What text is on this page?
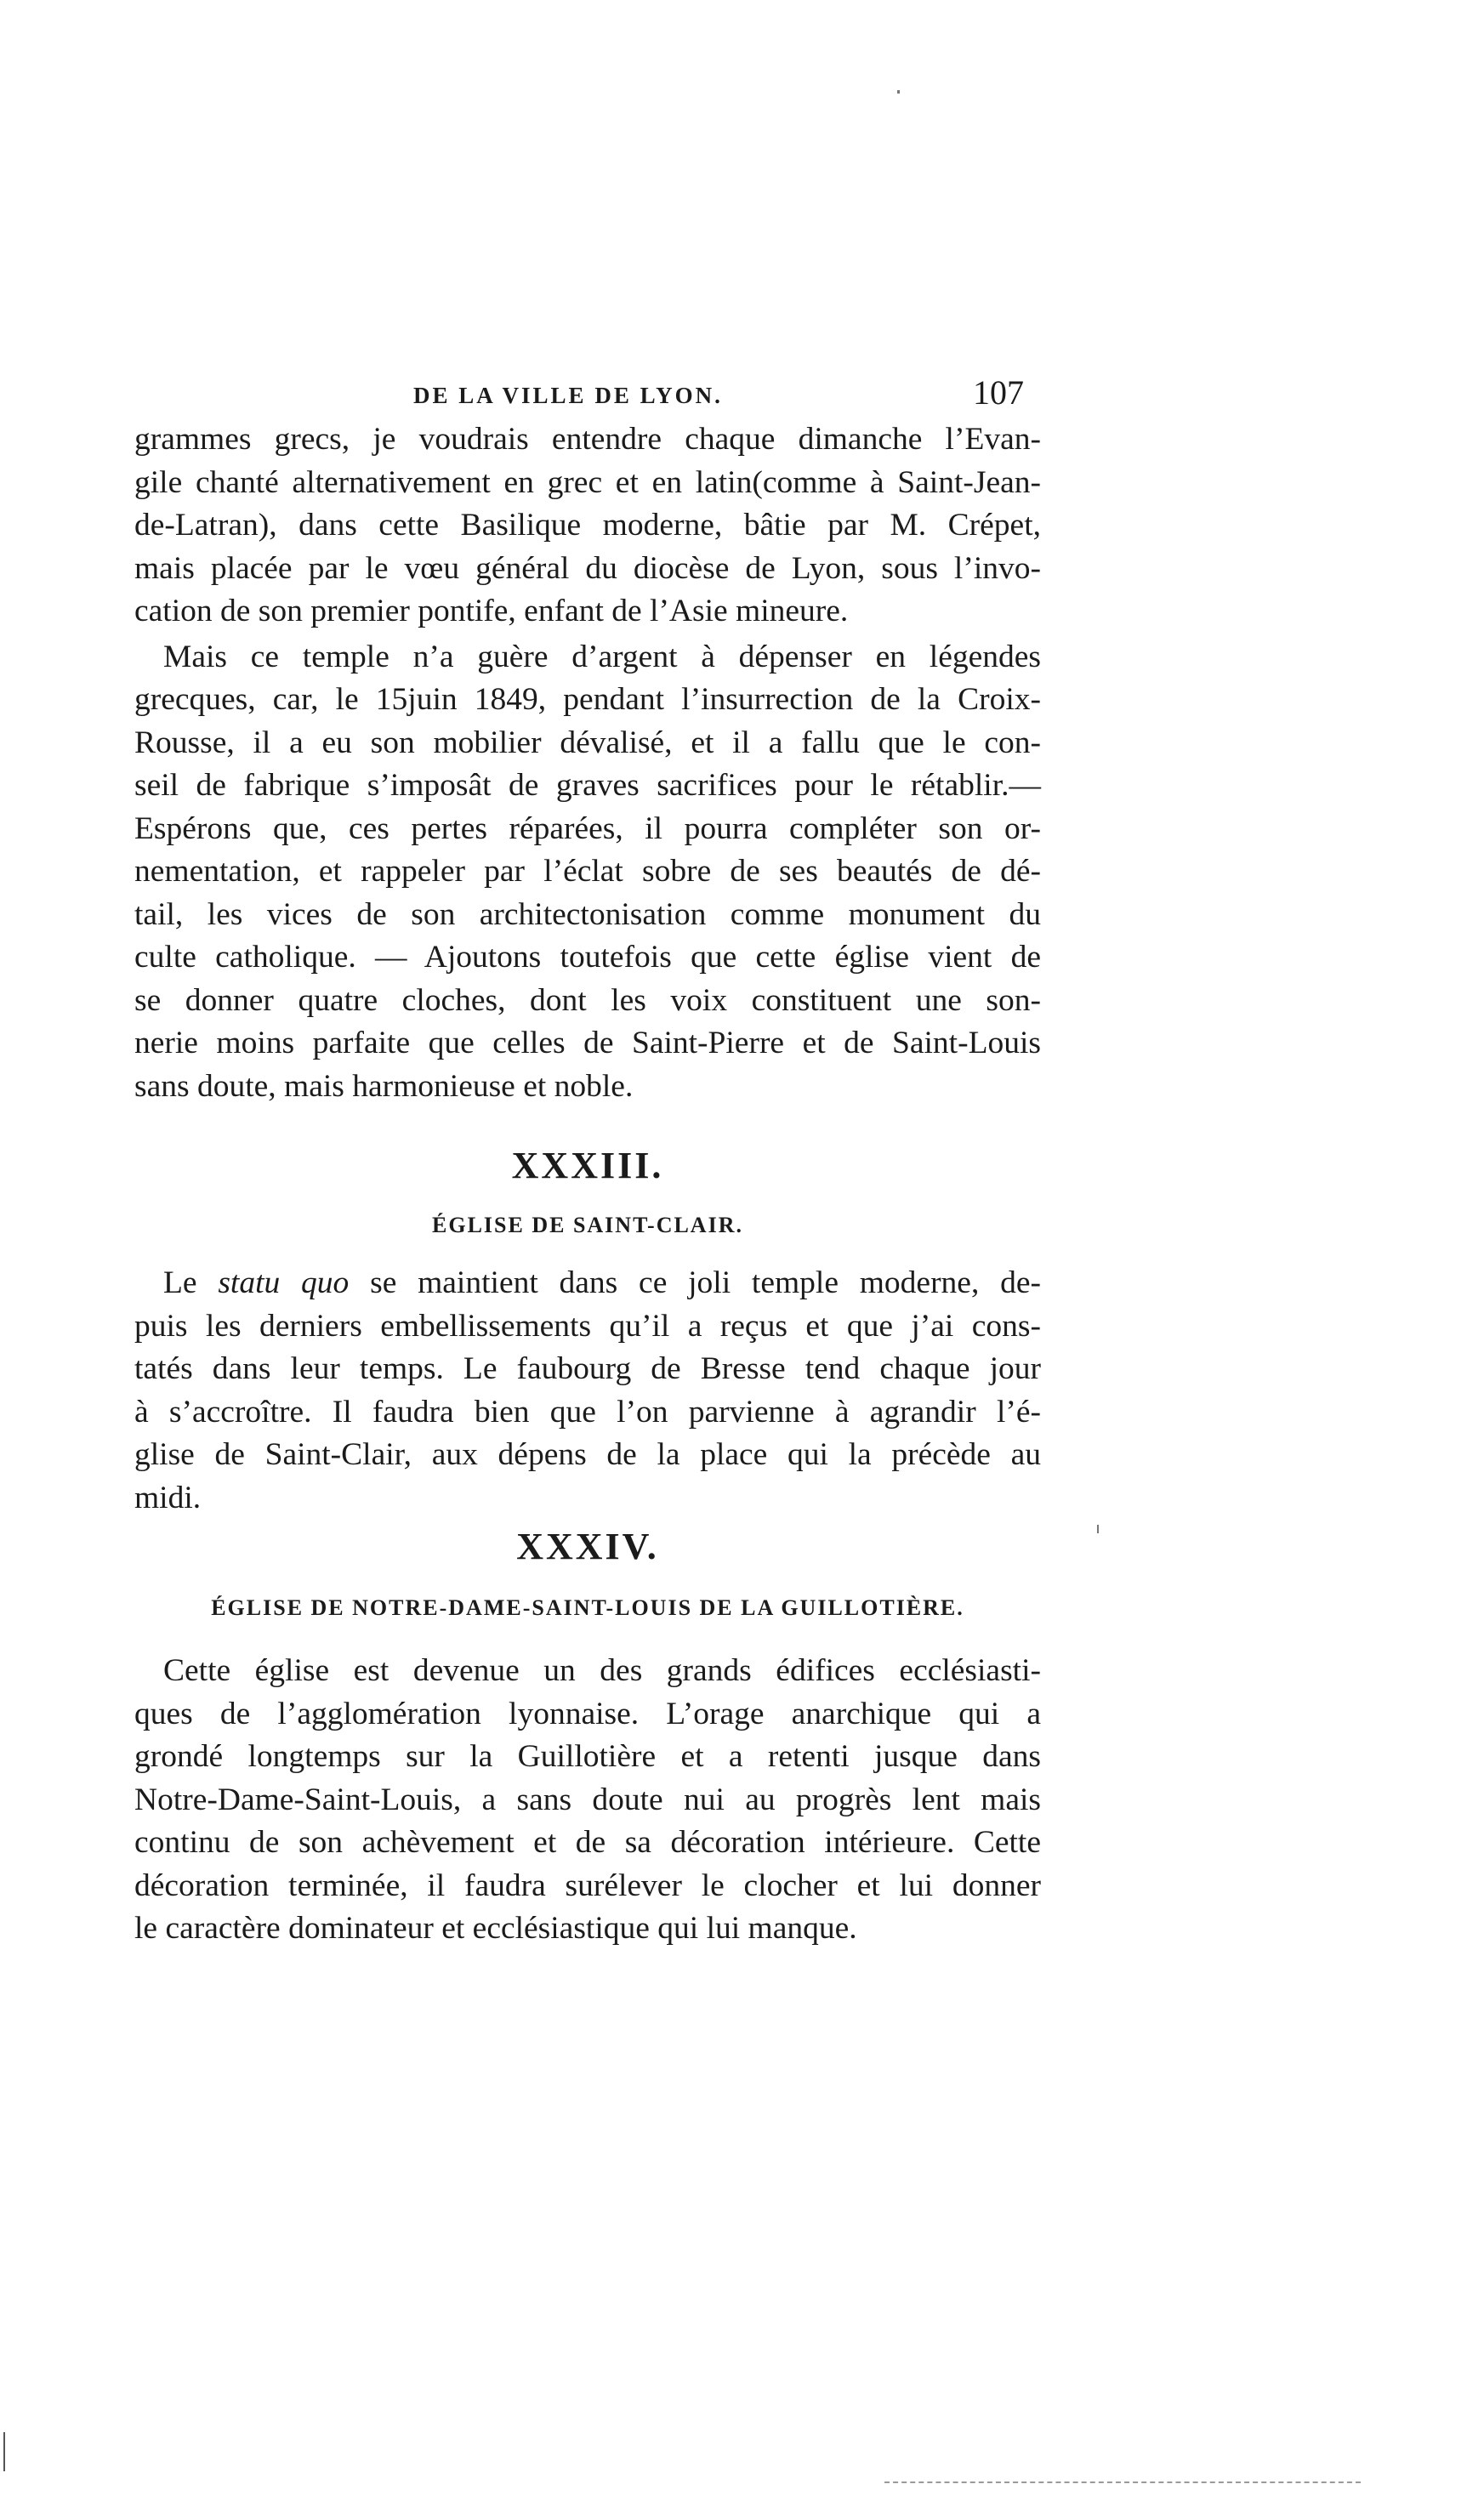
DE LA VILLE DE LYON.	107

grammes grecs, je voudrais entendre chaque dimanche l’Evan-
gile chanté alternativement en grec et en latin(comme à Saint-Jean-
de-Latran), dans cette Basilique moderne, bâtie par M. Crépet,
mais placée par le vœu général du diocèse de Lyon, sous l’invo-
cation de son premier pontife, enfant de l’Asie mineure.

Mais ce temple n’a guère d’argent à dépenser en légendes
grecques, car, le 15juin 1849, pendant l’insurrection de la Croix-
Rousse, il a eu son mobilier dévalisé, et il a fallu que le con-
seil de fabrique s’imposât de graves sacrifices pour le rétablir.—
Espérons que, ces pertes réparées, il pourra compléter son or-
nementation, et rappeler par l’éclat sobre de ses beautés de dé-
tail, les vices de son architectonisation comme monument du
culte catholique. — Ajoutons toutefois que cette église vient de
se donner quatre cloches, dont les voix constituent une son-
nerie moins parfaite que celles de Saint-Pierre et de Saint-Louis
sans doute, mais harmonieuse et noble.

XXXIII.
ÉGLISE DE SAINT-CLAIR.

Le statu quo se maintient dans ce joli temple moderne, de-
puis les derniers embellissements qu’il a reçus et que j’ai cons-
tatés dans leur temps. Le faubourg de Bresse tend chaque jour
à s’accroître. Il faudra bien que l’on parvienne à agrandir l’é-
glise de Saint-Clair, aux dépens de la place qui la précède au
midi.

XXXIV.
ÉGLISE DE NOTRE-DAME-SAINT-LOUIS DE LA GUILLOTIÈRE.

Cette église est devenue un des grands édifices ecclésiasti-
ques de l’agglomération lyonnaise. L’orage anarchique qui a
grondé longtemps sur la Guillotière et a retenti jusque dans
Notre-Dame-Saint-Louis, a sans doute nui au progrès lent mais
continu de son achèvement et de sa décoration intérieure. Cette
décoration terminée, il faudra surélever le clocher et lui donner
le caractère dominateur et ecclésiastique qui lui manque.
